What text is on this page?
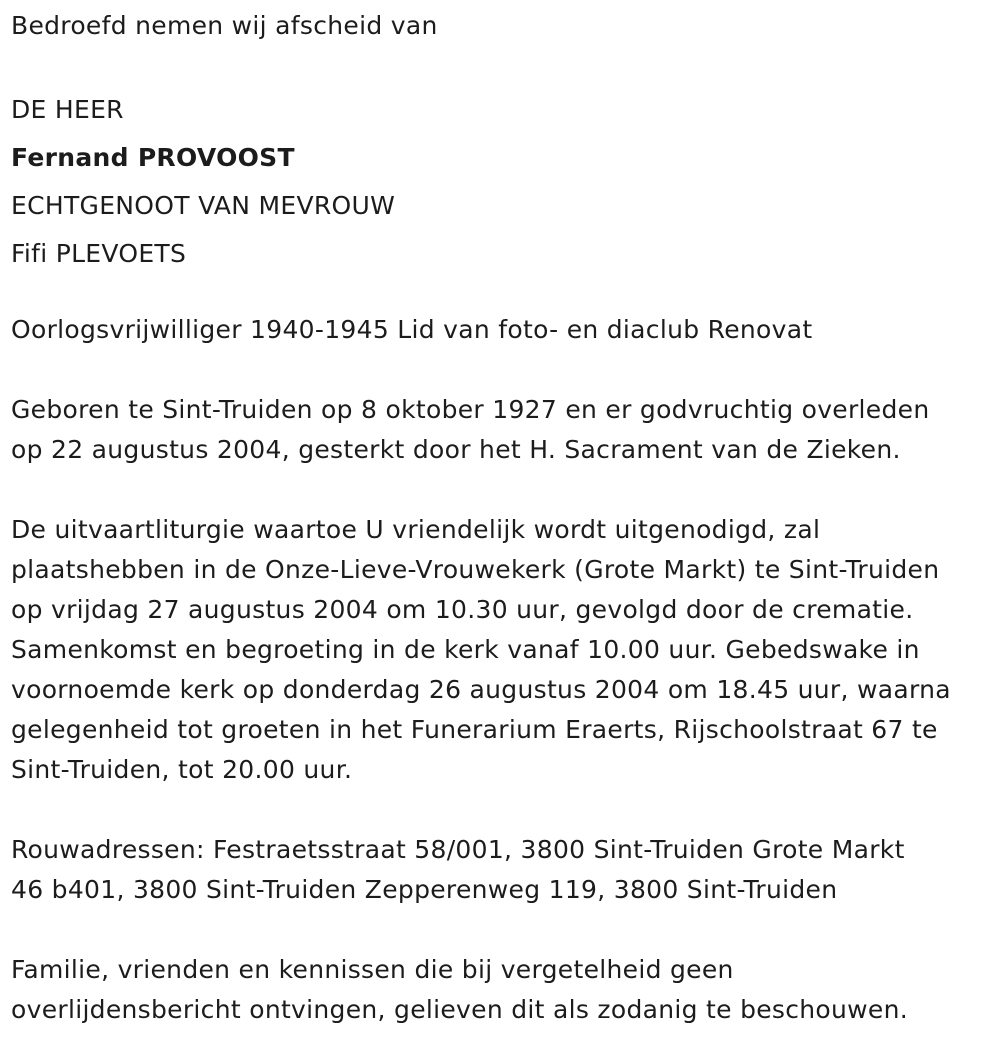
Bedroefd nemen wij afscheid van
DE HEER
Fernand PROVOOST
ECHTGENOOT VAN MEVROUW
Fifi PLEVOETS
Oorlogsvrijwilliger 1940-1945 Lid van foto- en diaclub Renovat
Geboren te Sint-Truiden op 8 oktober 1927 en er godvruchtig overleden
op 22 augustus 2004, gesterkt door het H. Sacrament van de Zieken.
De uitvaartliturgie waartoe U vriendelijk wordt uitgenodigd, zal
plaatshebben in de Onze-Lieve-Vrouwekerk (Grote Markt) te Sint-Truiden
op vrijdag 27 augustus 2004 om 10.30 uur, gevolgd door de crematie.
Samenkomst en begroeting in de kerk vanaf 10.00 uur. Gebedswake in
voornoemde kerk op donderdag 26 augustus 2004 om 18.45 uur, waarna
gelegenheid tot groeten in het Funerarium Eraerts, Rijschoolstraat 67 te
Sint-Truiden, tot 20.00 uur.
Rouwadressen: Festraetsstraat 58/001, 3800 Sint-Truiden Grote Markt
46 b401, 3800 Sint-Truiden Zepperenweg 119, 3800 Sint-Truiden
Familie, vrienden en kennissen die bij vergetelheid geen
overlijdensbericht ontvingen, gelieven dit als zodanig te beschouwen.
